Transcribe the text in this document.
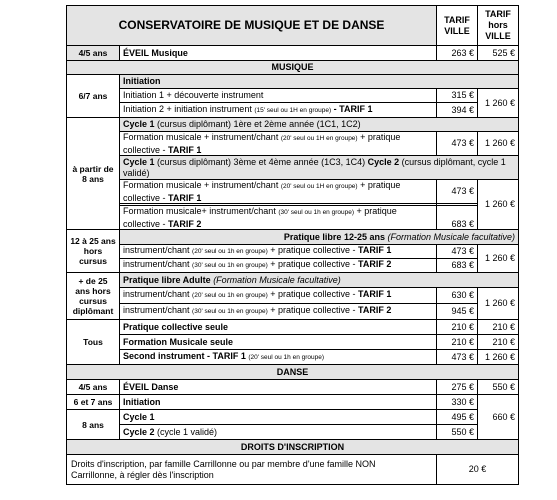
CONSERVATOIRE DE MUSIQUE ET DE DANSE		TARIF VILLE	TARIF hors VILLE
4/5 ans	ÉVEIL Musique	263 €	525 €
MUSIQUE			
6/7 ans	Initiation		
	Initiation 1 + découverte instrument	315 €	1 260 €
	Initiation 2 + initiation instrument (15' seul ou 1H en groupe) - TARIF 1	394 €	
à partir de 8 ans	Cycle 1 (cursus diplômant) 1ère et 2ème année (1C1, 1C2)		
	Formation musicale + instrument/chant (20' seul ou 1H en groupe) + pratique collective - TARIF 1	473 €	1 260 €
	Cycle 1 (cursus diplômant) 3ème et 4ème année (1C3, 1C4) Cycle 2 (cursus diplômant, cycle 1 validé)		
	Formation musicale + instrument/chant (20' seul ou 1H en groupe) + pratique collective - TARIF 1	473 €	1 260 €

	Formation musicale+ instrument/chant (30' seul ou 1h en groupe) + pratique collective - TARIF 2	683 €	
12 à 25 ans hors cursus	Pratique libre 12-25 ans (Formation Musicale facultative)		
	instrument/chant (20' seul ou 1h en groupe) + pratique collective - TARIF 1	473 €	1 260 €
	instrument/chant (30' seul ou 1h en groupe) + pratique collective - TARIF 2	683 €	
+ de 25 ans hors cursus diplômant	Pratique libre Adulte (Formation Musicale facultative)		
	instrument/chant (20' seul ou 1h en groupe) + pratique collective - TARIF 1	630 €	1 260 €
	instrument/chant (30' seul ou 1h en groupe) + pratique collective - TARIF 2	945 €	
Tous	Pratique collective seule	210 €	210 €
	Formation Musicale seule	210 €	210 €
	Second instrument - TARIF 1 (20' seul ou 1h en groupe)	473 €	1 260 €
DANSE			
4/5 ans	ÉVEIL Danse	275 €	550 €
6 et 7 ans	Initiation	330 €	660 €
8 ans	Cycle 1	495 €	
	Cycle 2 (cycle 1 validé)	550 €	
DROITS D'INSCRIPTION			
Droits d'inscription, par famille Carrillonne ou par membre d'une famille NON Carrillonne, à régler dès l'inscription		20 €	
